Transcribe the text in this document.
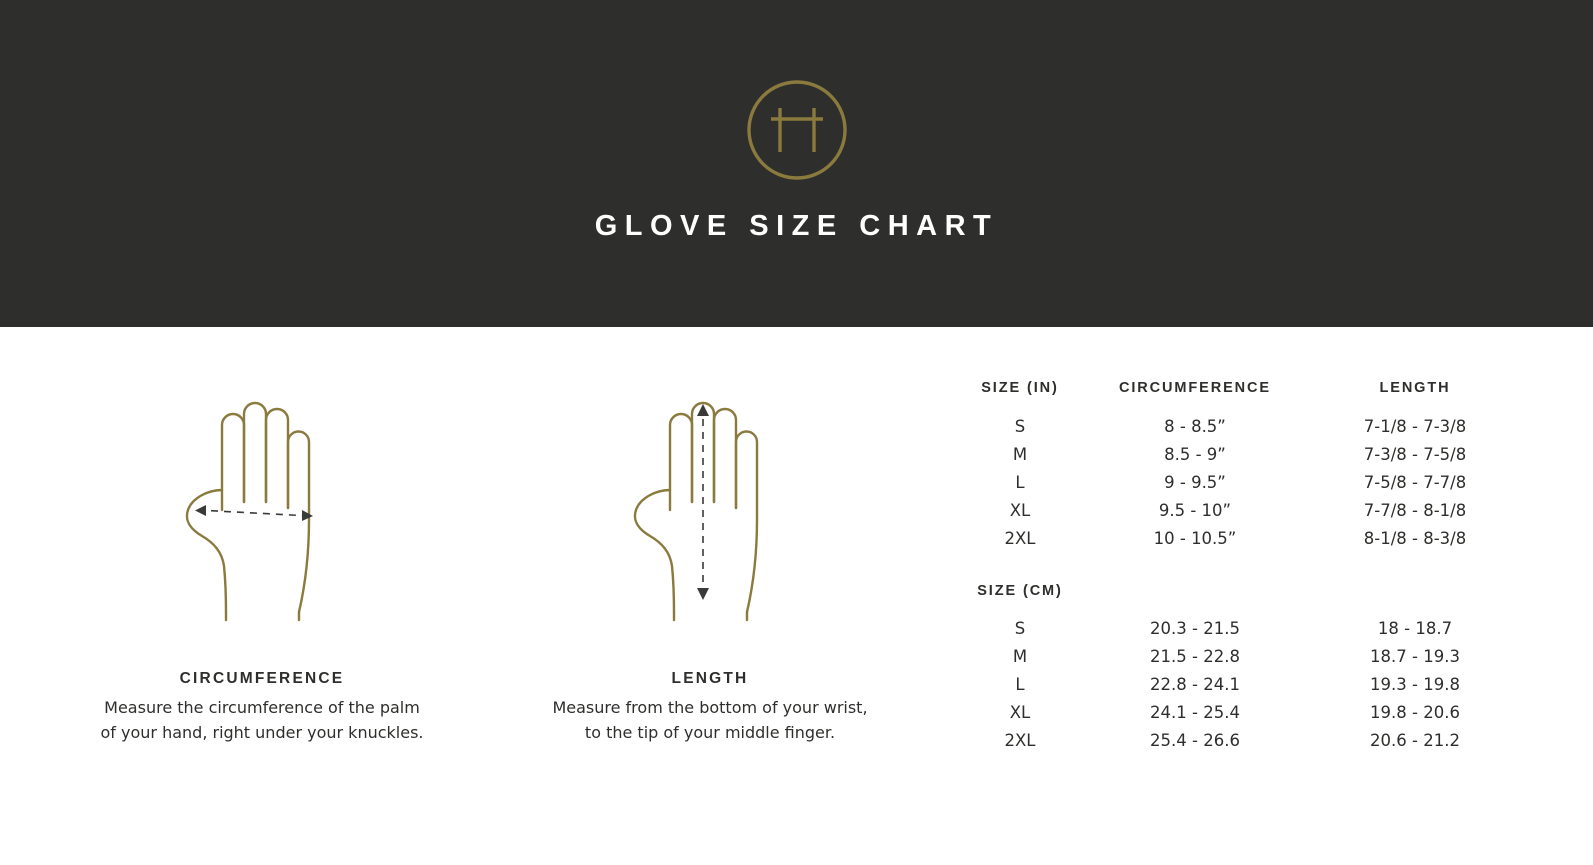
GLOVE SIZE CHART
CIRCUMFERENCE
Measure the circumference of the palm
of your hand, right under your knuckles.
LENGTH
Measure from the bottom of your wrist,
to the tip of your middle finger.
SIZE (IN)	CIRCUMFERENCE	LENGTH
S	8 - 8.5”	7-1/8 - 7-3/8
M	8.5 - 9”	7-3/8 - 7-5/8
L	9 - 9.5”	7-5/8 - 7-7/8
XL	9.5 - 10”	7-7/8 - 8-1/8
2XL	10 - 10.5”	8-1/8 - 8-3/8

SIZE (CM)		
S	20.3 - 21.5	18 - 18.7
M	21.5 - 22.8	18.7 - 19.3
L	22.8 - 24.1	19.3 - 19.8
XL	24.1 - 25.4	19.8 - 20.6
2XL	25.4 - 26.6	20.6 - 21.2
